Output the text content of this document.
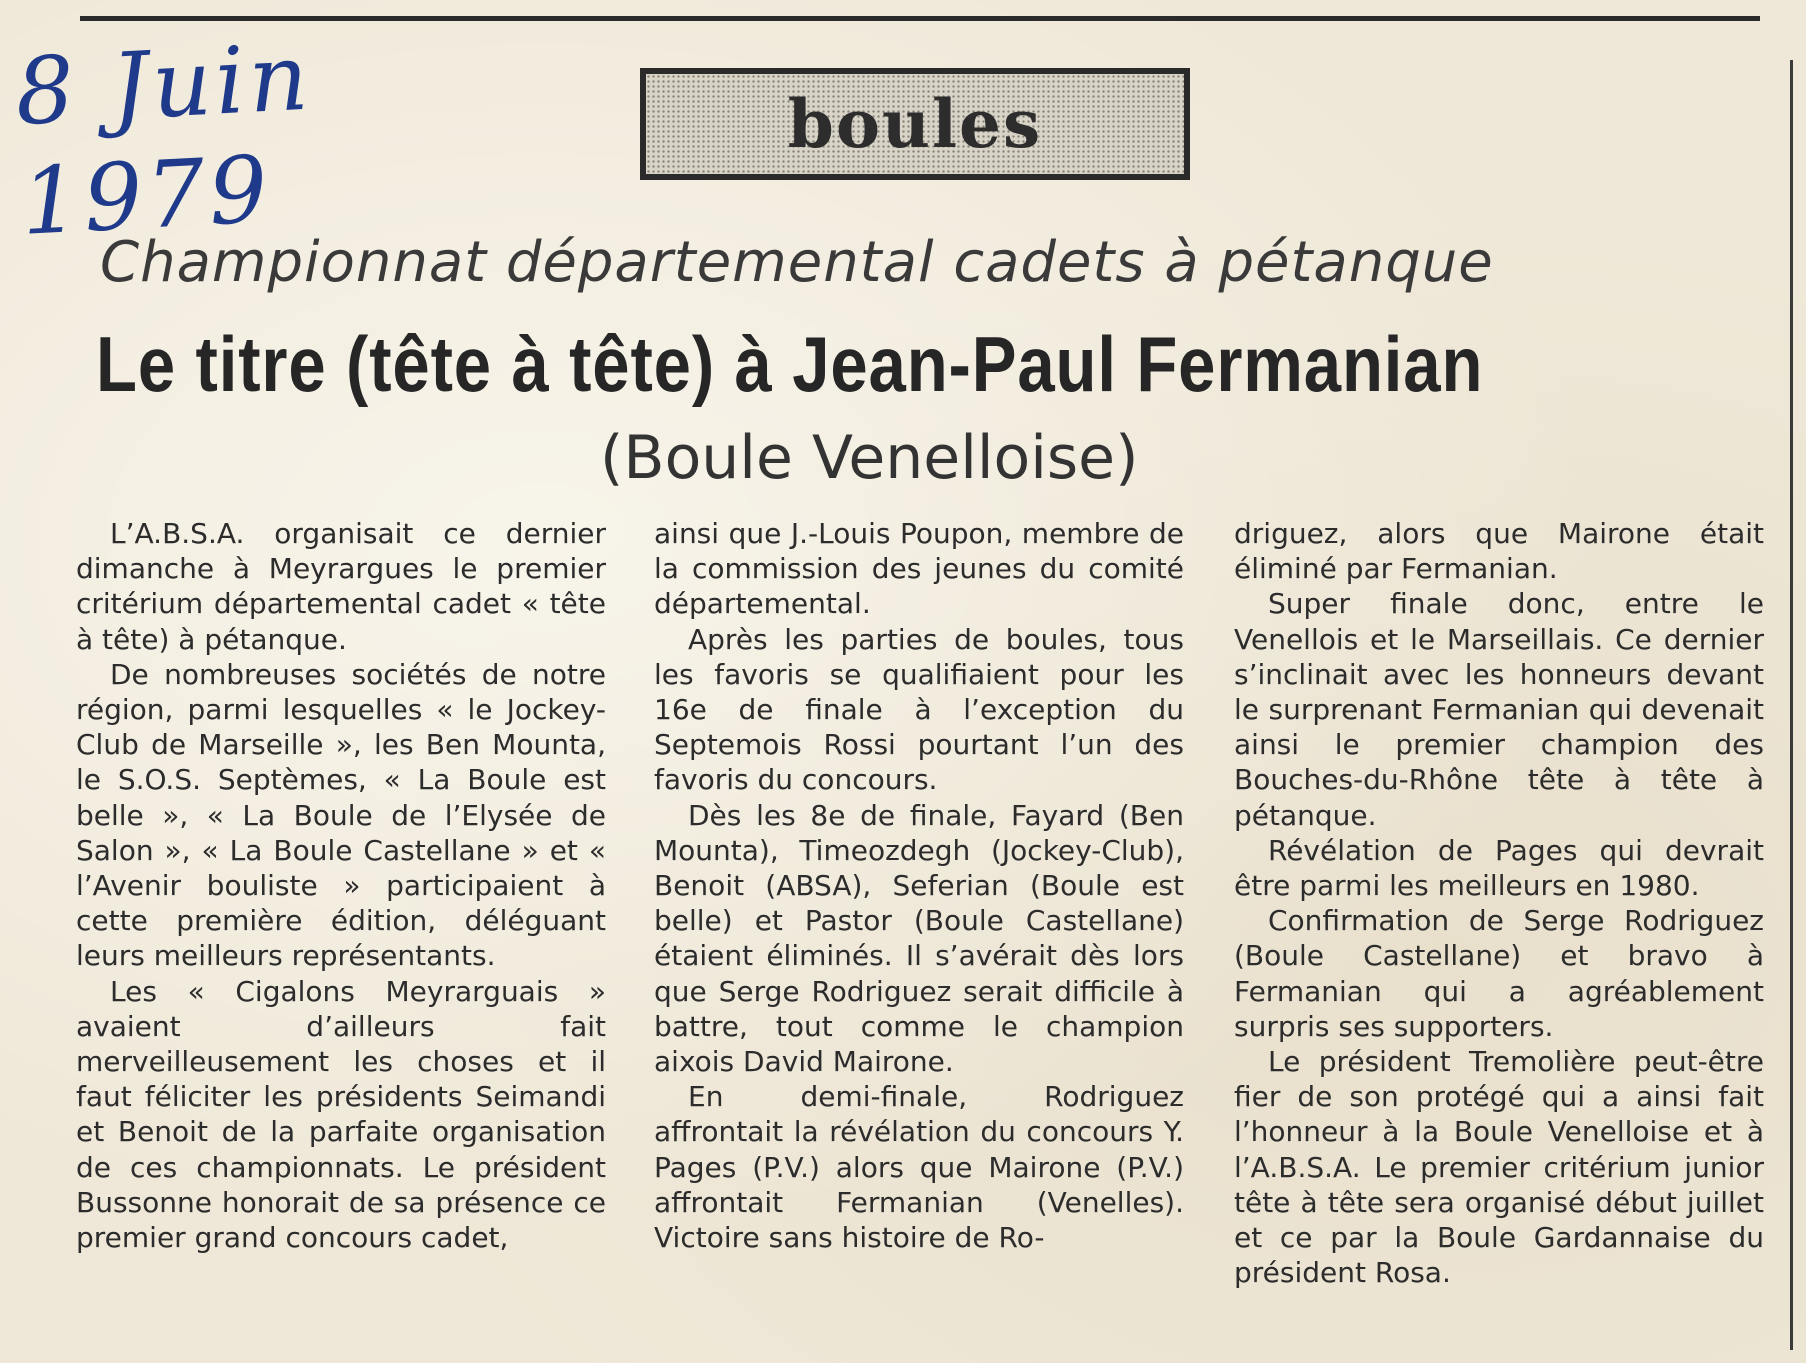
8 Juin 1979
boules
Championnat départemental cadets à pétanque
Le titre (tête à tête) à Jean-Paul Fermanian
(Boule Venelloise)

L’A.B.S.A. organisait ce dernier dimanche à Meyrargues le premier critérium départemental cadet « tête à tête) à pétanque.

De nombreuses sociétés de notre région, parmi lesquelles « le Jockey-Club de Marseille », les Ben Mounta, le S.O.S. Septèmes, « La Boule est belle », « La Boule de l’Elysée de Salon », « La Boule Castellane » et « l’Avenir bouliste » participaient à cette première édition, déléguant leurs meilleurs représentants.

Les « Cigalons Meyrarguais » avaient d’ailleurs fait merveilleusement les choses et il faut féliciter les présidents Seimandi et Benoit de la parfaite organisation de ces championnats. Le président Bussonne honorait de sa présence ce premier grand concours cadet,

ainsi que J.-Louis Poupon, membre de la commission des jeunes du comité départemental.

Après les parties de boules, tous les favoris se qualifiaient pour les 16e de finale à l’exception du Septemois Rossi pourtant l’un des favoris du concours.

Dès les 8e de finale, Fayard (Ben Mounta), Timeozdegh (Jockey-Club), Benoit (ABSA), Seferian (Boule est belle) et Pastor (Boule Castellane) étaient éliminés. Il s’avérait dès lors que Serge Rodriguez serait difficile à battre, tout comme le champion aixois David Mairone.

En demi-finale, Rodriguez affrontait la révélation du concours Y. Pages (P.V.) alors que Mairone (P.V.) affrontait Fermanian (Venelles). Victoire sans histoire de Ro-

driguez, alors que Mairone était éliminé par Fermanian.

Super finale donc, entre le Venellois et le Marseillais. Ce dernier s’inclinait avec les honneurs devant le surprenant Fermanian qui devenait ainsi le premier champion des Bouches-du-Rhône tête à tête à pétanque.

Révélation de Pages qui devrait être parmi les meilleurs en 1980.

Confirmation de Serge Rodriguez (Boule Castellane) et bravo à Fermanian qui a agréablement surpris ses supporters.

Le président Tremolière peut-être fier de son protégé qui a ainsi fait l’honneur à la Boule Venelloise et à l’A.B.S.A. Le premier critérium junior tête à tête sera organisé début juillet et ce par la Boule Gardannaise du président Rosa.
